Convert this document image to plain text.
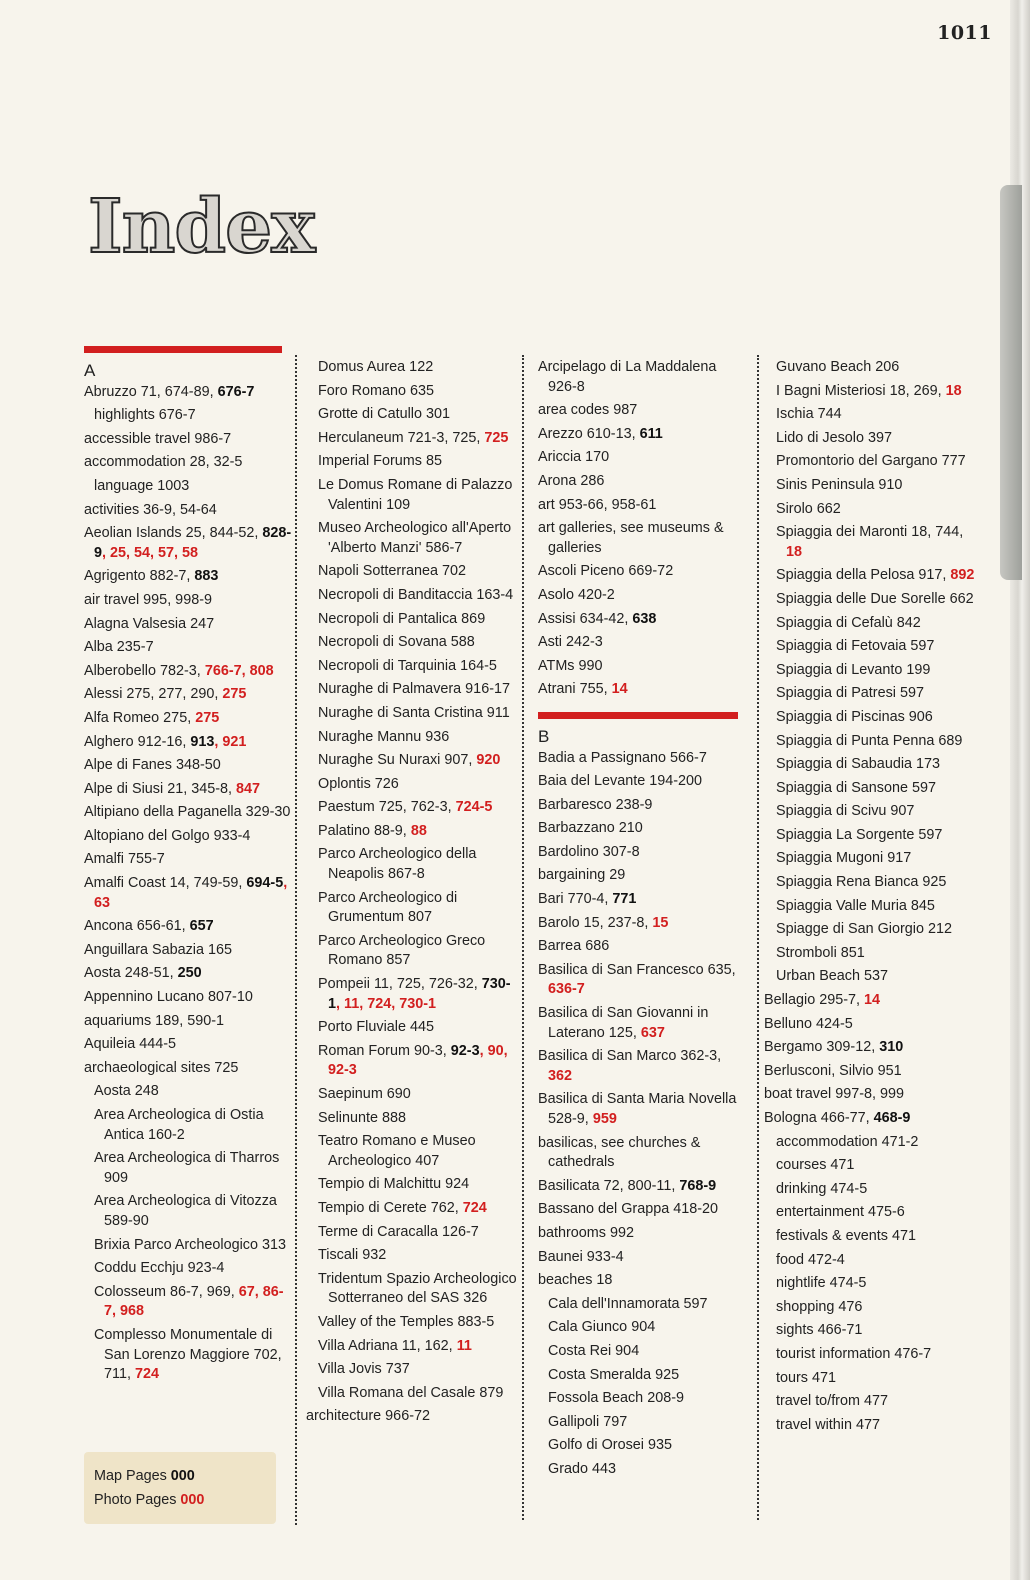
1011
Index
A
Abruzzo 71, 674-89, 676-7
highlights 676-7
accessible travel 986-7
accommodation 28, 32-5
language 1003
activities 36-9, 54-64
Aeolian Islands 25, 844-52, 828-9, 25, 54, 57, 58
Agrigento 882-7, 883
air travel 995, 998-9
Alagna Valsesia 247
Alba 235-7
Alberobello 782-3, 766-7, 808
Alessi 275, 277, 290, 275
Alfa Romeo 275, 275
Alghero 912-16, 913, 921
Alpe di Fanes 348-50
Alpe di Siusi 21, 345-8, 847
Altipiano della Paganella 329-30
Altopiano del Golgo 933-4
Amalfi 755-7
Amalfi Coast 14, 749-59, 694-5, 63
Ancona 656-61, 657
Anguillara Sabazia 165
Aosta 248-51, 250
Appennino Lucano 807-10
aquariums 189, 590-1
Aquileia 444-5
archaeological sites 725
Aosta 248
Area Archeologica di Ostia Antica 160-2
Area Archeologica di Tharros 909
Area Archeologica di Vitozza 589-90
Brixia Parco Archeologico 313
Coddu Ecchju 923-4
Colosseum 86-7, 969, 67, 86-7, 968
Complesso Monumentale di San Lorenzo Maggiore 702, 711, 724
Domus Aurea 122
Foro Romano 635
Grotte di Catullo 301
Herculaneum 721-3, 725, 725
Imperial Forums 85
Le Domus Romane di Palazzo Valentini 109
Museo Archeologico all'Aperto 'Alberto Manzi' 586-7
Napoli Sotterranea 702
Necropoli di Banditaccia 163-4
Necropoli di Pantalica 869
Necropoli di Sovana 588
Necropoli di Tarquinia 164-5
Nuraghe di Palmavera 916-17
Nuraghe di Santa Cristina 911
Nuraghe Mannu 936
Nuraghe Su Nuraxi 907, 920
Oplontis 726
Paestum 725, 762-3, 724-5
Palatino 88-9, 88
Parco Archeologico della Neapolis 867-8
Parco Archeologico di Grumentum 807
Parco Archeologico Greco Romano 857
Pompeii 11, 725, 726-32, 730-1, 11, 724, 730-1
Porto Fluviale 445
Roman Forum 90-3, 92-3, 90, 92-3
Saepinum 690
Selinunte 888
Teatro Romano e Museo Archeologico 407
Tempio di Malchittu 924
Tempio di Cerete 762, 724
Terme di Caracalla 126-7
Tiscali 932
Tridentum Spazio Archeologico Sotterraneo del SAS 326
Valley of the Temples 883-5
Villa Adriana 11, 162, 11
Villa Jovis 737
Villa Romana del Casale 879
architecture 966-72
Arcipelago di La Maddalena 926-8
area codes 987
Arezzo 610-13, 611
Ariccia 170
Arona 286
art 953-66, 958-61
art galleries, see museums & galleries
Ascoli Piceno 669-72
Asolo 420-2
Assisi 634-42, 638
Asti 242-3
ATMs 990
Atrani 755, 14
B
Badia a Passignano 566-7
Baia del Levante 194-200
Barbaresco 238-9
Barbazzano 210
Bardolino 307-8
bargaining 29
Bari 770-4, 771
Barolo 15, 237-8, 15
Barrea 686
Basilica di San Francesco 635, 636-7
Basilica di San Giovanni in Laterano 125, 637
Basilica di San Marco 362-3, 362
Basilica di Santa Maria Novella 528-9, 959
basilicas, see churches & cathedrals
Basilicata 72, 800-11, 768-9
Bassano del Grappa 418-20
bathrooms 992
Baunei 933-4
beaches 18
Cala dell'Innamorata 597
Cala Giunco 904
Costa Rei 904
Costa Smeralda 925
Fossola Beach 208-9
Gallipoli 797
Golfo di Orosei 935
Grado 443
Guvano Beach 206
I Bagni Misteriosi 18, 269, 18
Ischia 744
Lido di Jesolo 397
Promontorio del Gargano 777
Sinis Peninsula 910
Sirolo 662
Spiaggia dei Maronti 18, 744, 18
Spiaggia della Pelosa 917, 892
Spiaggia delle Due Sorelle 662
Spiaggia di Cefalù 842
Spiaggia di Fetovaia 597
Spiaggia di Levanto 199
Spiaggia di Patresi 597
Spiaggia di Piscinas 906
Spiaggia di Punta Penna 689
Spiaggia di Sabaudia 173
Spiaggia di Sansone 597
Spiaggia di Scivu 907
Spiaggia La Sorgente 597
Spiaggia Mugoni 917
Spiaggia Rena Bianca 925
Spiaggia Valle Muria 845
Spiagge di San Giorgio 212
Stromboli 851
Urban Beach 537
Bellagio 295-7, 14
Belluno 424-5
Bergamo 309-12, 310
Berlusconi, Silvio 951
boat travel 997-8, 999
Bologna 466-77, 468-9
accommodation 471-2
courses 471
drinking 474-5
entertainment 475-6
festivals & events 471
food 472-4
nightlife 474-5
shopping 476
sights 466-71
tourist information 476-7
tours 471
travel to/from 477
travel within 477
Map Pages 000
Photo Pages 000
